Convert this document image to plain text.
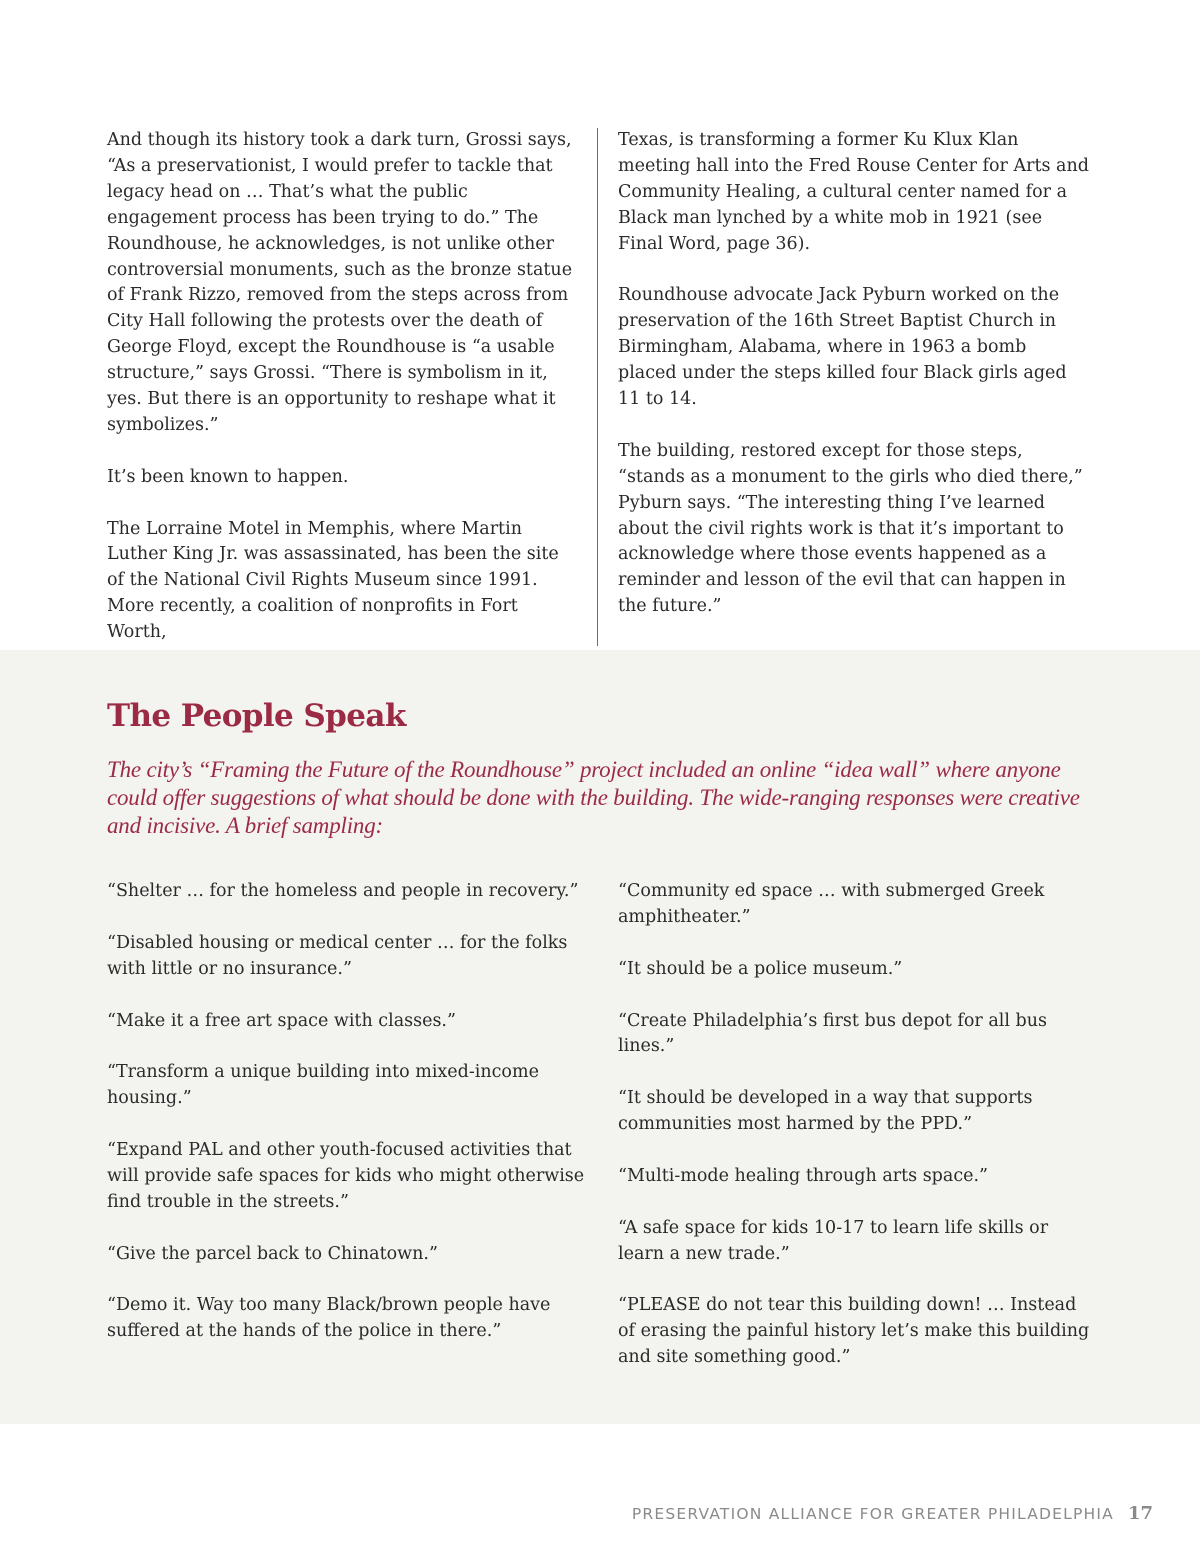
And though its history took a dark turn, Grossi says, “As a preservationist, I would prefer to tackle that legacy head on … That’s what the public engagement process has been trying to do.” The Roundhouse, he acknowledges, is not unlike other controversial monuments, such as the bronze statue of Frank Rizzo, removed from the steps across from City Hall following the protests over the death of George Floyd, except the Roundhouse is “a usable structure,” says Grossi. “There is symbolism in it, yes. But there is an opportunity to reshape what it symbolizes.”

It’s been known to happen.

The Lorraine Motel in Memphis, where Martin Luther King Jr. was assassinated, has been the site of the National Civil Rights Museum since 1991. More recently, a coalition of nonprofits in Fort Worth,

Texas, is transforming a former Ku Klux Klan meeting hall into the Fred Rouse Center for Arts and Community Healing, a cultural center named for a Black man lynched by a white mob in 1921 (see Final Word, page 36).

Roundhouse advocate Jack Pyburn worked on the preservation of the 16th Street Baptist Church in Birmingham, Alabama, where in 1963 a bomb placed under the steps killed four Black girls aged 11 to 14.

The building, restored except for those steps, “stands as a monument to the girls who died there,” Pyburn says. “The interesting thing I’ve learned about the civil rights work is that it’s important to acknowledge where those events happened as a reminder and lesson of the evil that can happen in the future.”

The People Speak

The city’s “Framing the Future of the Roundhouse” project included an online “idea wall” where anyone could offer suggestions of what should be done with the building. The wide-ranging responses were creative and incisive. A brief sampling:

“Shelter … for the homeless and people in recovery.”

“Disabled housing or medical center … for the folks with little or no insurance.”

“Make it a free art space with classes.”

“Transform a unique building into mixed-income housing.”

“Expand PAL and other youth-focused activities that will provide safe spaces for kids who might otherwise find trouble in the streets.”

“Give the parcel back to Chinatown.”

“Demo it. Way too many Black/brown people have suffered at the hands of the police in there.”

“Community ed space … with submerged Greek amphitheater.”

“It should be a police museum.”

“Create Philadelphia’s first bus depot for all bus lines.”

“It should be developed in a way that supports communities most harmed by the PPD.”

“Multi-mode healing through arts space.”

“A safe space for kids 10-17 to learn life skills or learn a new trade.”

“PLEASE do not tear this building down! … Instead of erasing the painful history let’s make this building and site something good.”

PRESERVATION ALLIANCE FOR GREATER PHILADELPHIA 17
